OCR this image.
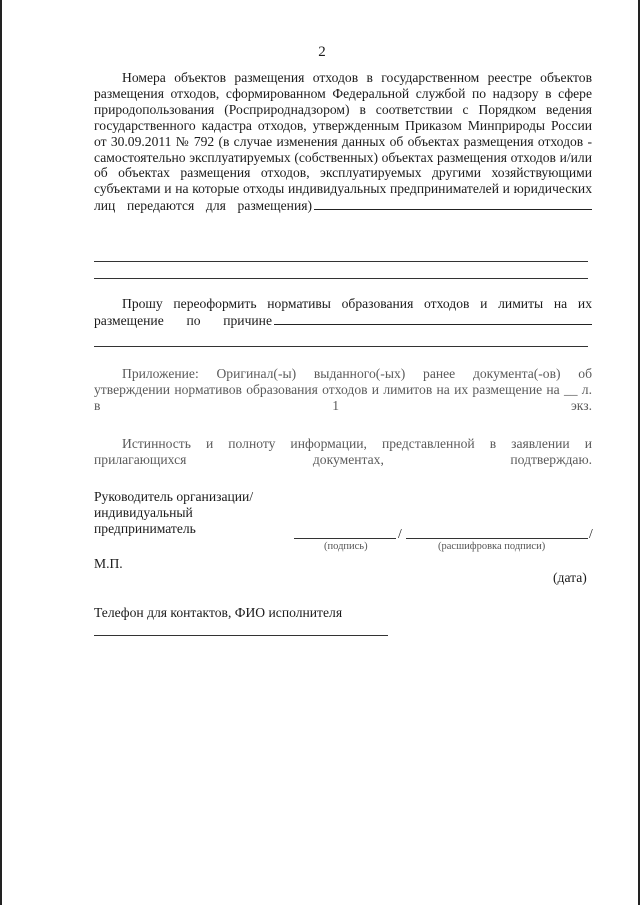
2
Номера объектов размещения отходов в государственном реестре объектов размещения отходов, сформированном Федеральной службой по надзору в сфере природопользования (Росприроднадзором) в соответствии с Порядком ведения государственного кадастра отходов, утвержденным Приказом Минприроды России от 30.09.2011 № 792 (в случае изменения данных об объектах размещения отходов - самостоятельно эксплуатируемых (собственных) объектах размещения отходов и/или об объектах размещения отходов, эксплуатируемых другими хозяйствующими субъектами и на которые отходы индивидуальных предпринимателей и юридических лиц передаются для размещения)
Прошу переоформить нормативы образования отходов и лимиты на их размещение по причине
Приложение: Оригинал(-ы) выданного(-ых) ранее документа(-ов) об утверждении нормативов образования отходов и лимитов на их размещение на __ л. в 1 экз.
Истинность и полноту информации, представленной в заявлении и прилагающихся документах, подтверждаю.
Руководитель организации/
индивидуальный
предприниматель	/	/
(подпись)	(расшифровка подписи)
М.П.
(дата)
Телефон для контактов, ФИО исполнителя
